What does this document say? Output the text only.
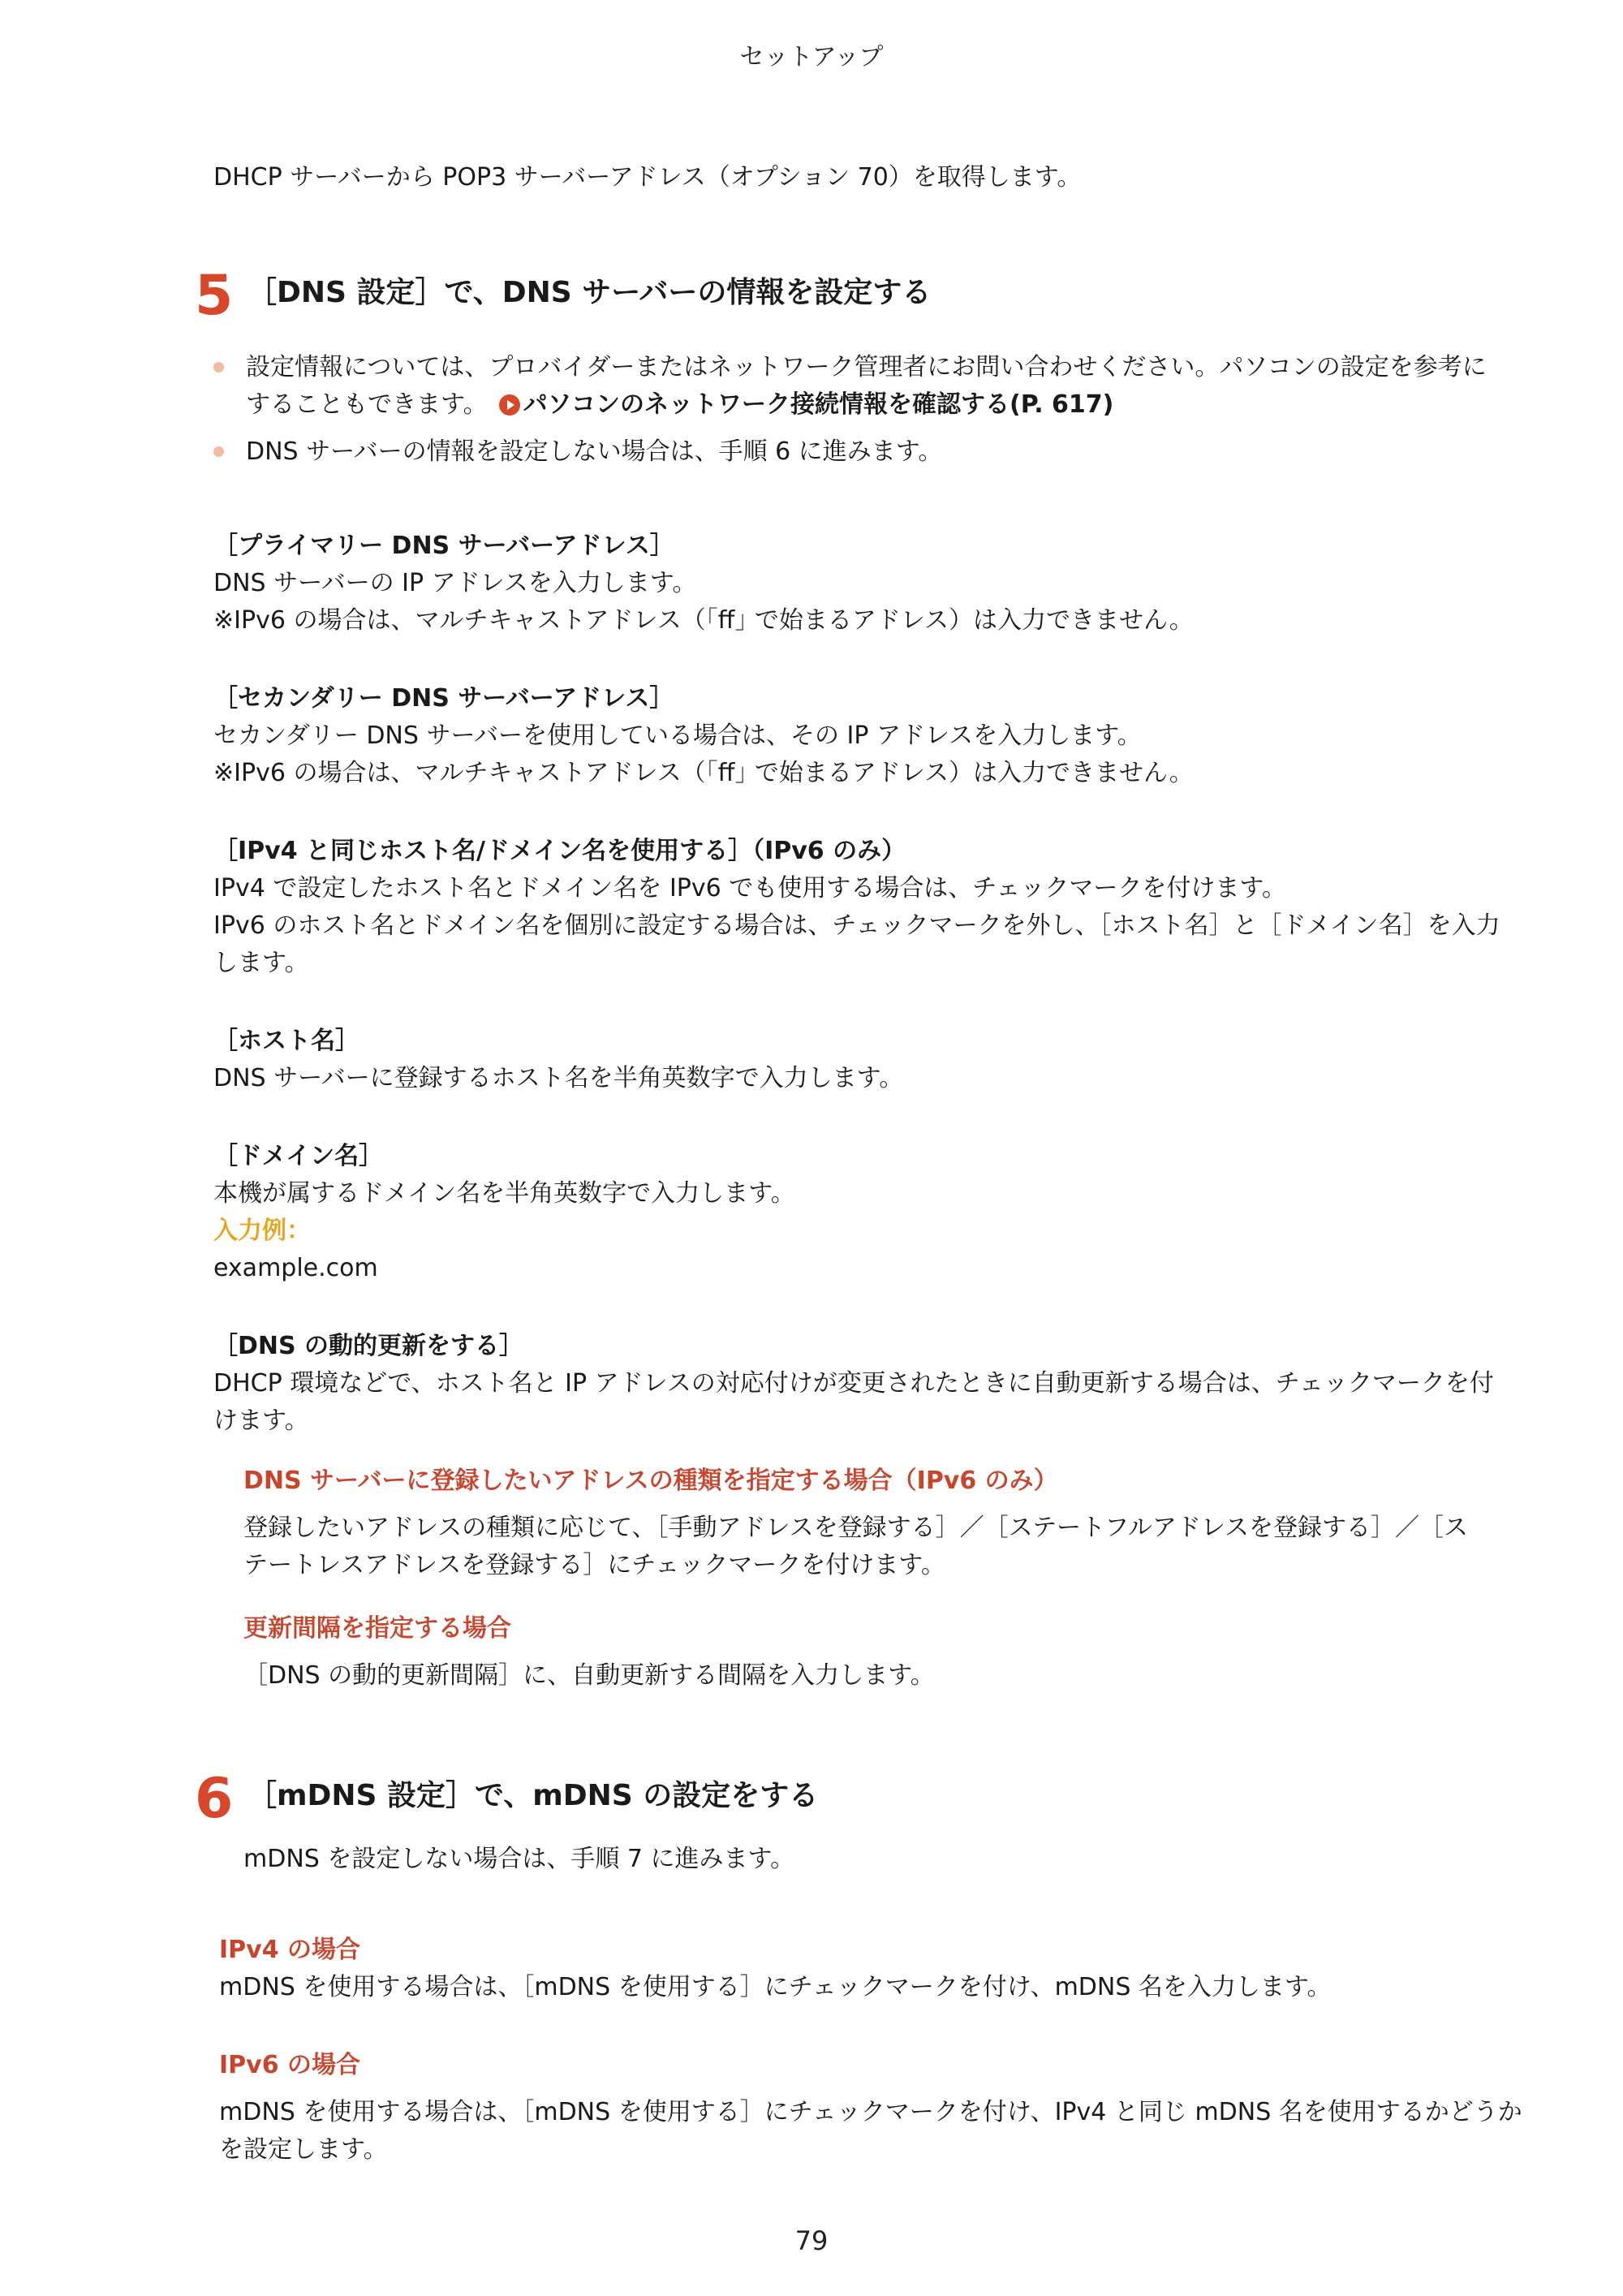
セットアップ
DHCP サーバーから POP3 サーバーアドレス（オプション 70）を取得します。
5 ［DNS 設定］で、DNS サーバーの情報を設定する
設定情報については、プロバイダーまたはネットワーク管理者にお問い合わせください。パソコンの設定を参考に
することもできます。 パソコンのネットワーク接続情報を確認する(P. 617)
DNS サーバーの情報を設定しない場合は、手順 6 に進みます。
［プライマリー DNS サーバーアドレス］
DNS サーバーの IP アドレスを入力します。
※IPv6 の場合は、マルチキャストアドレス（｢ff｣ で始まるアドレス）は入力できません。
［セカンダリー DNS サーバーアドレス］
セカンダリー DNS サーバーを使用している場合は、その IP アドレスを入力します。
※IPv6 の場合は、マルチキャストアドレス（｢ff｣ で始まるアドレス）は入力できません。
［IPv4 と同じホスト名/ドメイン名を使用する］（IPv6 のみ）
IPv4 で設定したホスト名とドメイン名を IPv6 でも使用する場合は、チェックマークを付けます。
IPv6 のホスト名とドメイン名を個別に設定する場合は、チェックマークを外し、［ホスト名］と［ドメイン名］を入力
します。
［ホスト名］
DNS サーバーに登録するホスト名を半角英数字で入力します。
［ドメイン名］
本機が属するドメイン名を半角英数字で入力します。
入力例：
example.com
［DNS の動的更新をする］
DHCP 環境などで、ホスト名と IP アドレスの対応付けが変更されたときに自動更新する場合は、チェックマークを付
けます。
DNS サーバーに登録したいアドレスの種類を指定する場合（IPv6 のみ）
登録したいアドレスの種類に応じて、［手動アドレスを登録する］／［ステートフルアドレスを登録する］／［ス
テートレスアドレスを登録する］にチェックマークを付けます。
更新間隔を指定する場合
［DNS の動的更新間隔］に、自動更新する間隔を入力します。
6 ［mDNS 設定］で、mDNS の設定をする
mDNS を設定しない場合は、手順 7 に進みます。
IPv4 の場合
mDNS を使用する場合は、［mDNS を使用する］にチェックマークを付け、mDNS 名を入力します。
IPv6 の場合
mDNS を使用する場合は、［mDNS を使用する］にチェックマークを付け、IPv4 と同じ mDNS 名を使用するかどうか
を設定します。
79
